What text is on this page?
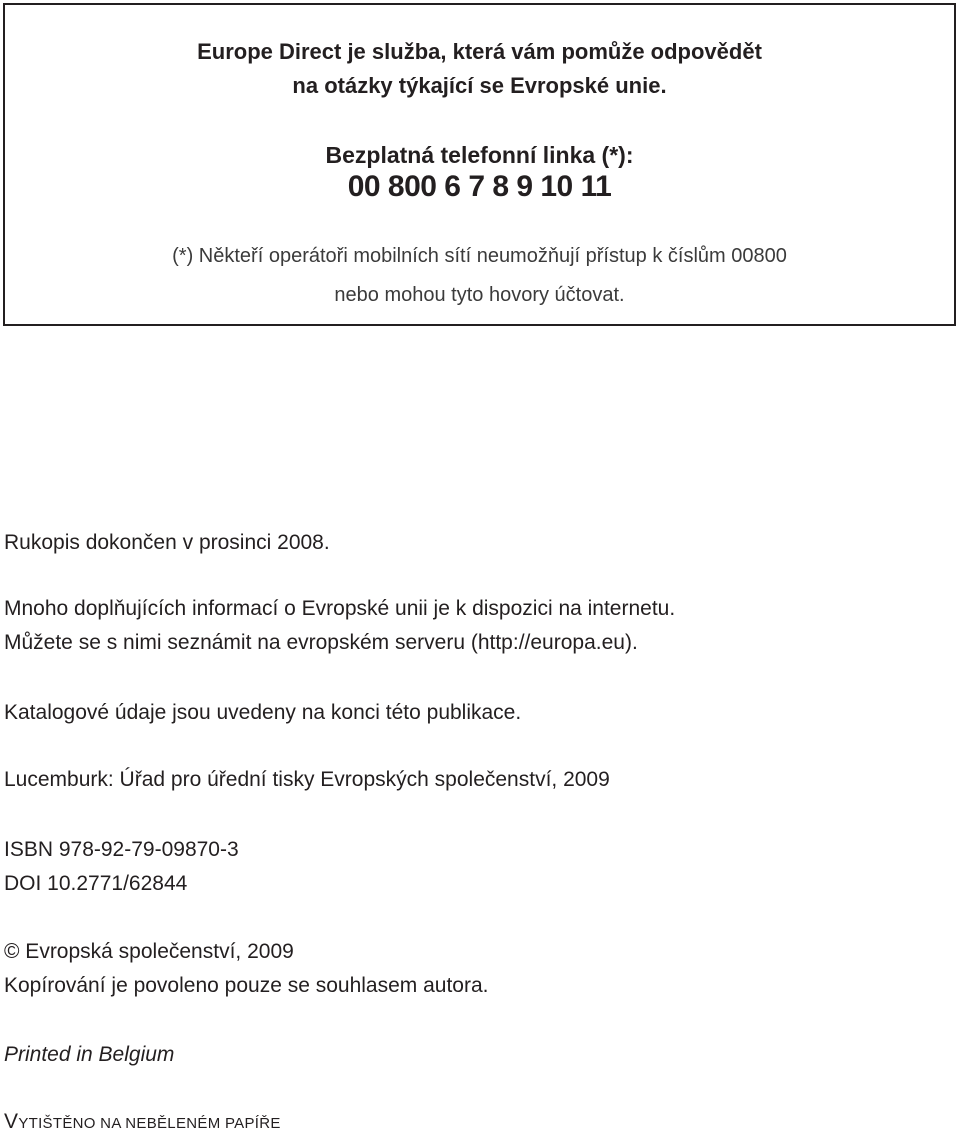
Europe Direct je služba, která vám pomůže odpovědět
na otázky týkající se Evropské unie.
Bezplatná telefonní linka (*):
00 800 6 7 8 9 10 11
(*) Někteří operátoři mobilních sítí neumožňují přístup k číslům 00800
nebo mohou tyto hovory účtovat.
Rukopis dokončen v prosinci 2008.
Mnoho doplňujících informací o Evropské unii je k dispozici na internetu.
Můžete se s nimi seznámit na evropském serveru (http://europa.eu).
Katalogové údaje jsou uvedeny na konci této publikace.
Lucemburk: Úřad pro úřední tisky Evropských společenství, 2009
ISBN 978-92-79-09870-3
DOI 10.2771/62844
© Evropská společenství, 2009
Kopírování je povoleno pouze se souhlasem autora.
Printed in Belgium
VYTIŠTĚNO NA NEBĚLENÉM PAPÍŘE
